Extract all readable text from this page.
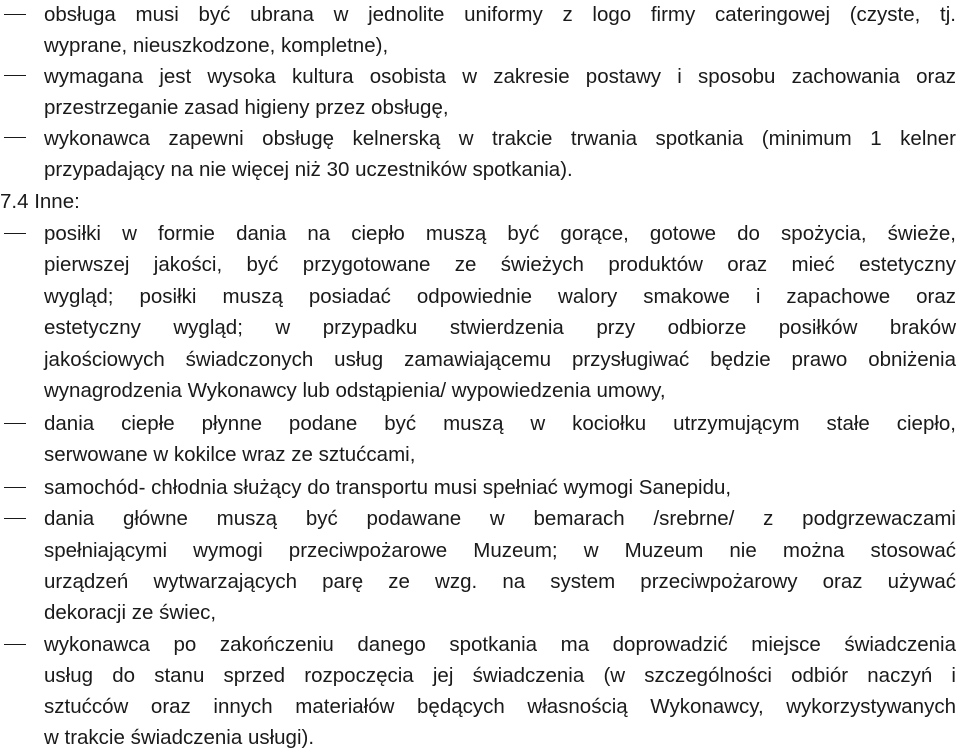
obsługa musi być ubrana w jednolite uniformy z logo firmy cateringowej (czyste, tj.
wyprane, nieuszkodzone, kompletne),
wymagana jest wysoka kultura osobista w zakresie postawy i sposobu zachowania oraz
przestrzeganie zasad higieny przez obsługę,
wykonawca zapewni obsługę kelnerską w trakcie trwania spotkania (minimum 1 kelner
przypadający na nie więcej niż 30 uczestników spotkania).
7.4 Inne:
posiłki w formie dania na ciepło muszą być gorące, gotowe do spożycia, świeże,
pierwszej jakości, być przygotowane ze świeżych produktów oraz mieć estetyczny
wygląd; posiłki muszą posiadać odpowiednie walory smakowe i zapachowe oraz
estetyczny wygląd; w przypadku stwierdzenia przy odbiorze posiłków braków
jakościowych świadczonych usług zamawiającemu przysługiwać będzie prawo obniżenia
wynagrodzenia Wykonawcy lub odstąpienia/ wypowiedzenia umowy,
dania ciepłe płynne podane być muszą w kociołku utrzymującym stałe ciepło,
serwowane w kokilce wraz ze sztućcami,
samochód- chłodnia służący do transportu musi spełniać wymogi Sanepidu,
dania główne muszą być podawane w bemarach /srebrne/ z podgrzewaczami
spełniającymi wymogi przeciwpożarowe Muzeum; w Muzeum nie można stosować
urządzeń wytwarzających parę ze wzg. na system przeciwpożarowy oraz używać
dekoracji ze świec,
wykonawca po zakończeniu danego spotkania ma doprowadzić miejsce świadczenia
usług do stanu sprzed rozpoczęcia jej świadczenia (w szczególności odbiór naczyń i
sztućców oraz innych materiałów będących własnością Wykonawcy, wykorzystywanych
w trakcie świadczenia usługi).
